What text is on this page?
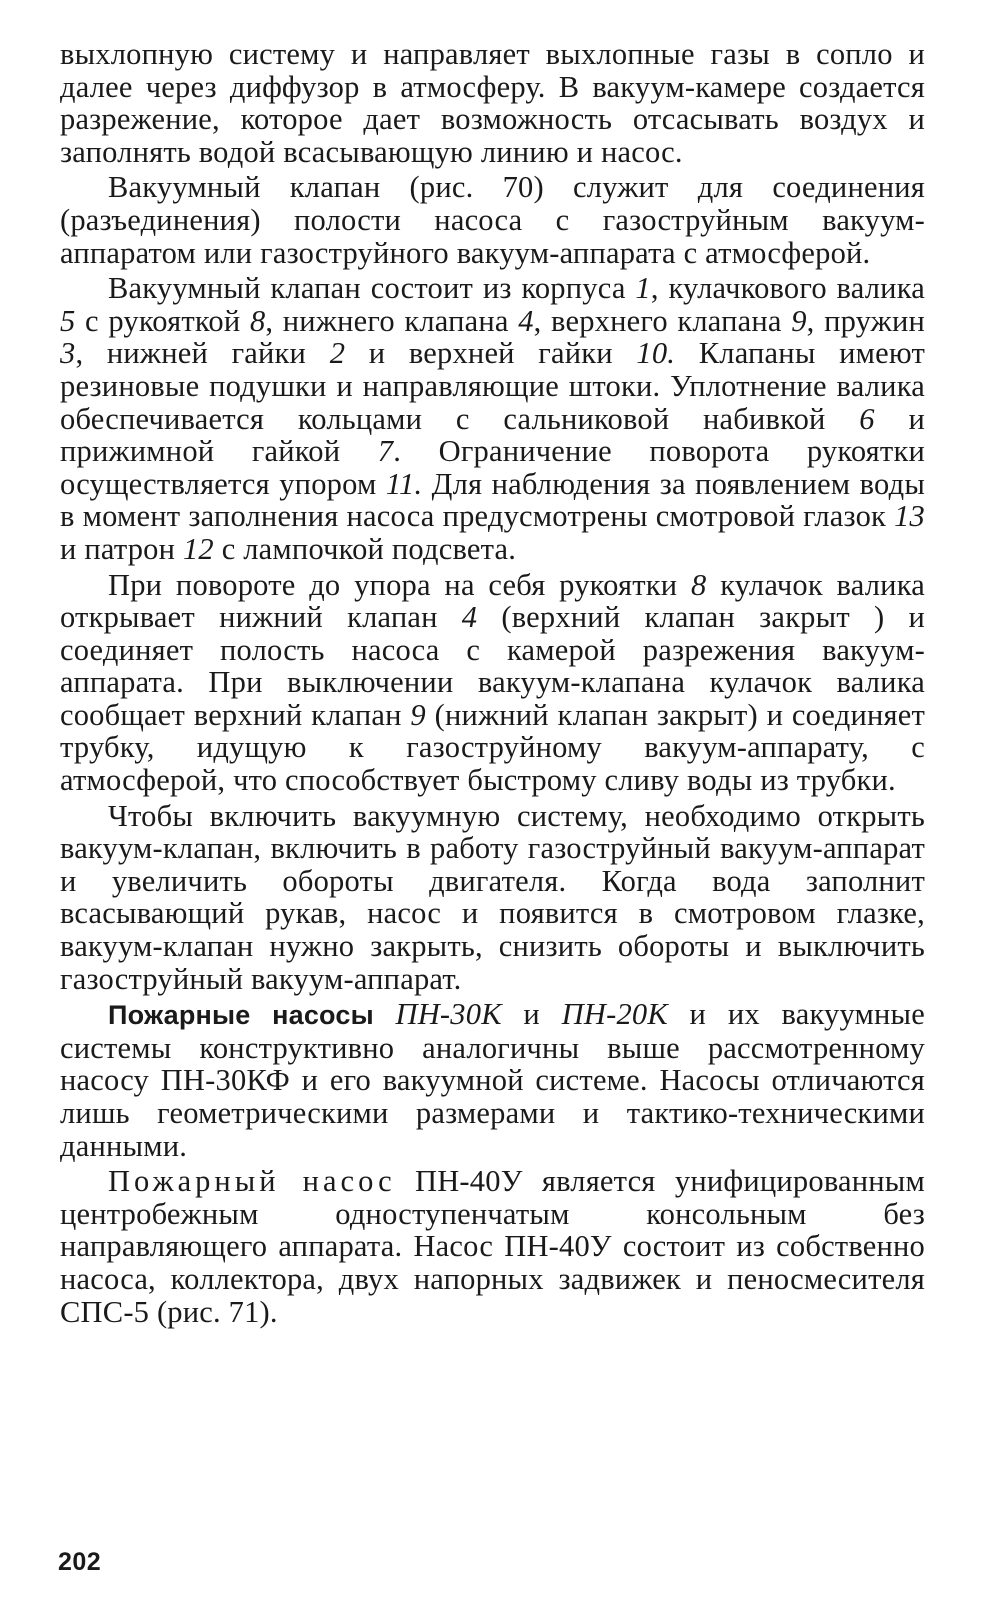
выхлопную систему и направляет выхлопные газы в сопло и далее через диффузор в атмосферу. В вакуум-камере создается разрежение, которое дает возможность отсасывать воздух и заполнять водой всасывающую линию и насос.

Вакуумный клапан (рис. 70) служит для соединения (разъединения) полости насоса с газоструйным вакуум-аппаратом или газоструйного вакуум-аппарата с атмосферой.

Вакуумный клапан состоит из корпуса 1, кулачкового валика 5 с рукояткой 8, нижнего клапана 4, верхнего клапана 9, пружин 3, нижней гайки 2 и верхней гайки 10. Клапаны имеют резиновые подушки и направляющие штоки. Уплотнение валика обеспечивается кольцами с сальниковой набивкой 6 и прижимной гайкой 7. Ограничение поворота рукоятки осуществляется упором 11. Для наблюдения за появлением воды в момент заполнения насоса предусмотрены смотровой глазок 13 и патрон 12 с лампочкой подсвета.

При повороте до упора на себя рукоятки 8 кулачок валика открывает нижний клапан 4 (верхний клапан закрыт ) и соединяет полость насоса с камерой разрежения вакуум-аппарата. При выключении вакуум-клапана кулачок валика сообщает верхний клапан 9 (нижний клапан закрыт) и соединяет трубку, идущую к газоструйному вакуум-аппарату, с атмосферой, что способствует быстрому сливу воды из трубки.

Чтобы включить вакуумную систему, необходимо открыть вакуум-клапан, включить в работу газоструйный вакуум-аппарат и увеличить обороты двигателя. Когда вода заполнит всасывающий рукав, насос и появится в смотровом глазке, вакуум-клапан нужно закрыть, снизить обороты и выключить газоструйный вакуум-аппарат.

Пожарные насосы ПН-30К и ПН-20К и их вакуумные системы конструктивно аналогичны выше рассмотренному насосу ПН-30КФ и его вакуумной системе. Насосы отличаются лишь геометрическими размерами и тактико-техническими данными.

Пожарный насос ПН-40У является унифицированным центробежным одноступенчатым консольным без направляющего аппарата. Насос ПН-40У состоит из собственно насоса, коллектора, двух напорных задвижек и пеносмесителя СПС-5 (рис. 71).

202
